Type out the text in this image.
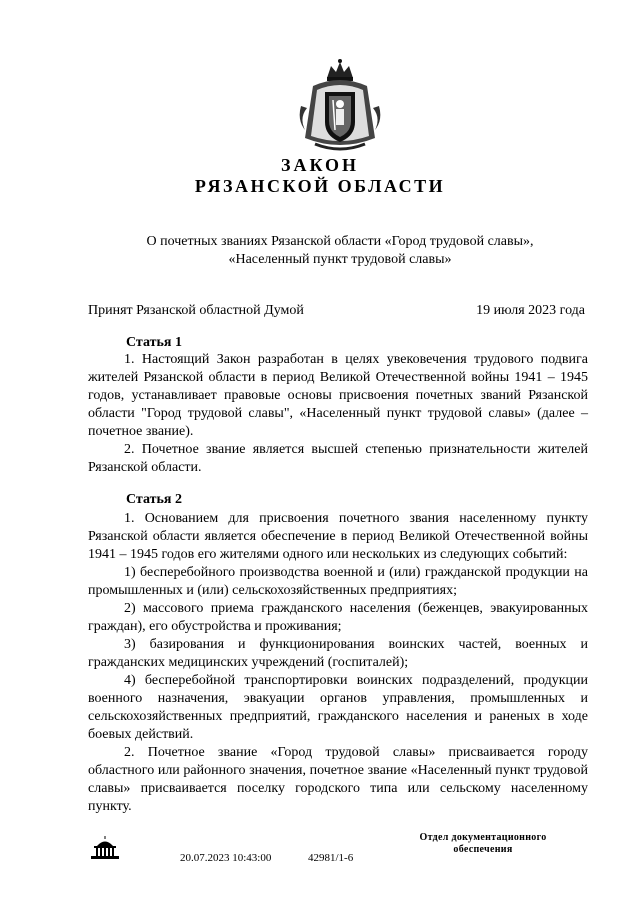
ЗАКОН
РЯЗАНСКОЙ ОБЛАСТИ
О почетных званиях Рязанской области «Город трудовой славы»,
«Населенный пункт трудовой славы»
Принят Рязанской областной Думой	19 июля 2023 года
Статья 1

1. Настоящий Закон разработан в целях увековечения трудового подвига жителей Рязанской области в период Великой Отечественной войны 1941 – 1945 годов, устанавливает правовые основы присвоения почетных званий Рязанской области "Город трудовой славы", «Населенный пункт трудовой славы» (далее – почетное звание).

2. Почетное звание является высшей степенью признательности жителей Рязанской области.

Статья 2

1. Основанием для присвоения почетного звания населенному пункту Рязанской области является обеспечение в период Великой Отечественной войны 1941 – 1945 годов его жителями одного или нескольких из следующих событий:

1) бесперебойного производства военной и (или) гражданской продукции на промышленных и (или) сельскохозяйственных предприятиях;

2) массового приема гражданского населения (беженцев, эвакуированных граждан), его обустройства и проживания;

3) базирования и функционирования воинских частей, военных и гражданских медицинских учреждений (госпиталей);

4) бесперебойной транспортировки воинских подразделений, продукции военного назначения, эвакуации органов управления, промышленных и сельскохозяйственных предприятий, гражданского населения и раненых в ходе боевых действий.

2. Почетное звание «Город трудовой славы» присваивается городу областного или районного значения, почетное звание «Населенный пункт трудовой славы» присваивается поселку городского типа или сельскому населенному пункту.

Отдел документационного
обеспечения
20.07.2023 10:43:00	42981/1-6
